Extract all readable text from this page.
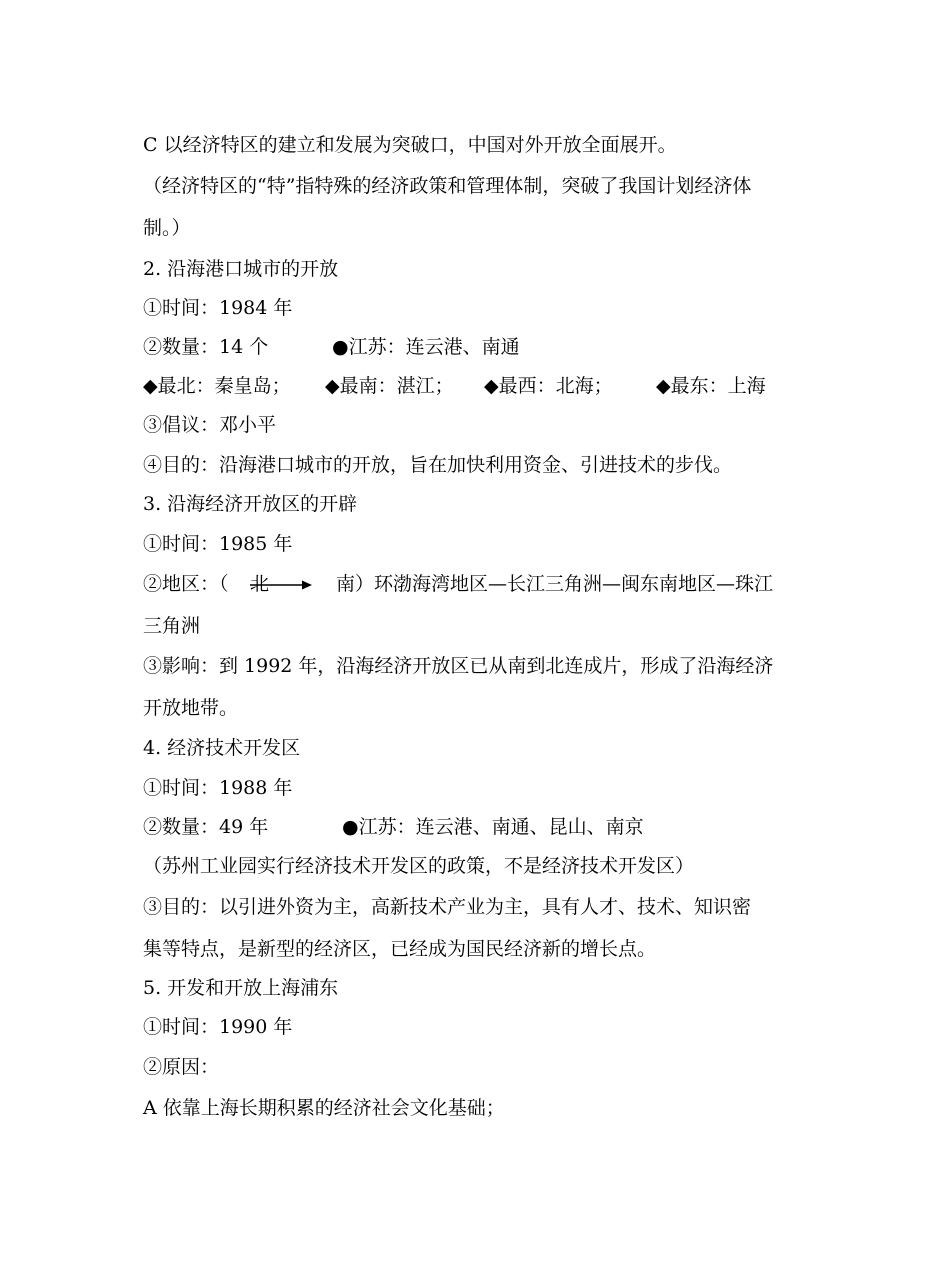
C 以经济特区的建立和发展为突破口，中国对外开放全面展开。
（经济特区的“特”指特殊的经济政策和管理体制，突破了我国计划经济体
制。）
2. 沿海港口城市的开放
①时间：1984 年
②数量：14 个	●江苏：连云港、南通
◆最北：秦皇岛； ◆最南：湛江； ◆最西：北海； ◆最东：上海
③倡议：邓小平
④目的：沿海港口城市的开放，旨在加快利用资金、引进技术的步伐。
3. 沿海经济开放区的开辟
①时间：1985 年
②地区：（ 北	南）环渤海湾地区—长江三角洲—闽东南地区—珠江
三角洲
③影响：到 1992 年，沿海经济开放区已从南到北连成片，形成了沿海经济
开放地带。
4. 经济技术开发区
①时间：1988 年
②数量：49 年	●江苏：连云港、南通、昆山、南京
（苏州工业园实行经济技术开发区的政策，不是经济技术开发区）
③目的：以引进外资为主，高新技术产业为主，具有人才、技术、知识密
集等特点，是新型的经济区，已经成为国民经济新的增长点。
5. 开发和开放上海浦东
①时间：1990 年
②原因：
A 依靠上海长期积累的经济社会文化基础；
